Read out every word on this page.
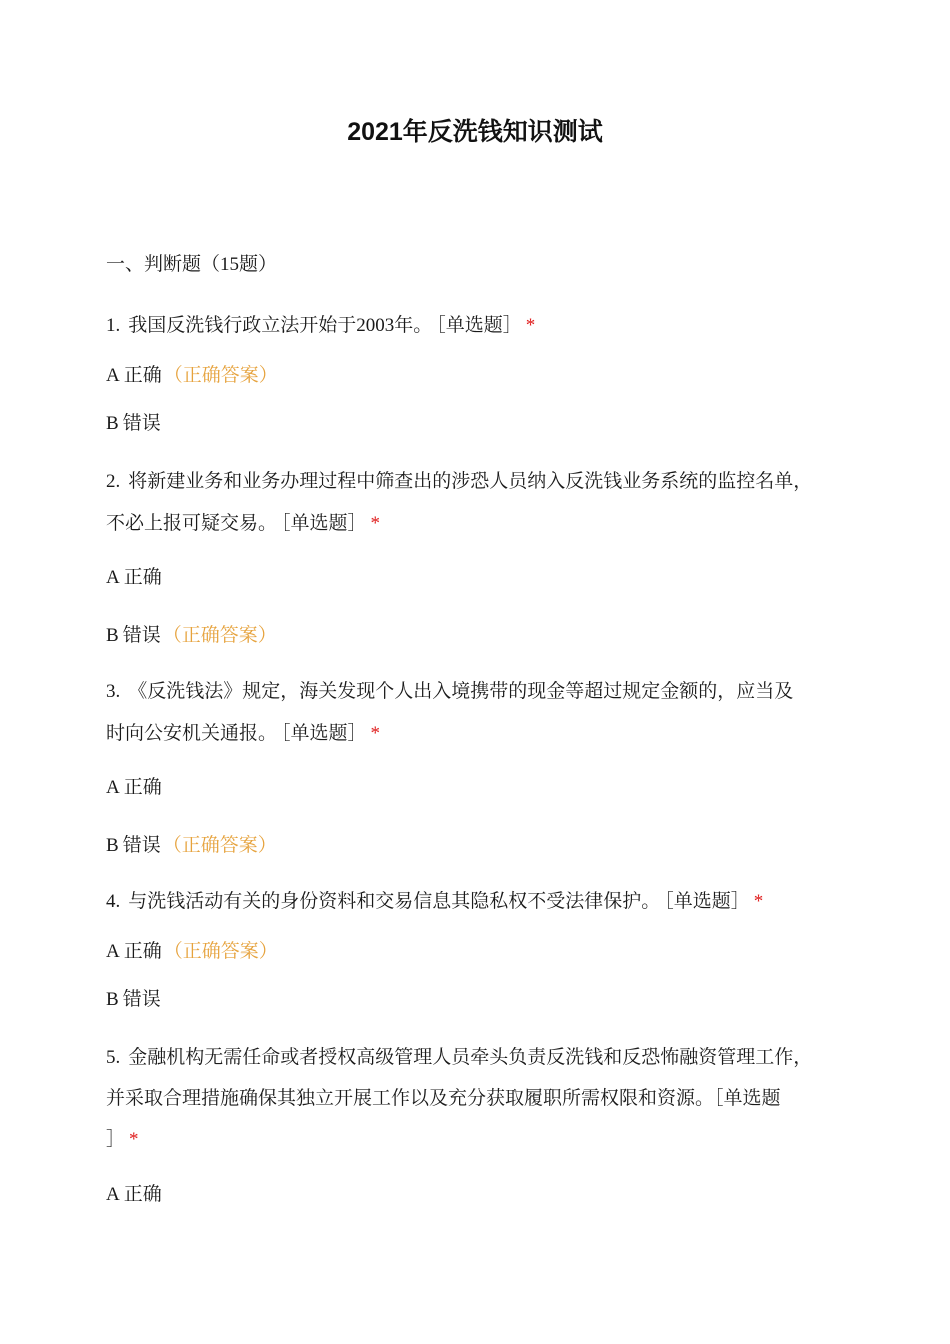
2021年反洗钱知识测试
一、判断题（15题）
1. 我国反洗钱行政立法开始于2003年。 ［单选题］ *
A 正确 （正确答案）
B 错误
2. 将新建业务和业务办理过程中筛查出的涉恐人员纳入反洗钱业务系统的监控名单，
不必上报可疑交易。 ［单选题］ *
A 正确
B 错误 （正确答案）
3. 《反洗钱法》规定，海关发现个人出入境携带的现金等超过规定金额的，应当及
时向公安机关通报。 ［单选题］ *
A 正确
B 错误 （正确答案）
4. 与洗钱活动有关的身份资料和交易信息其隐私权不受法律保护。 ［单选题］ *
A 正确 （正确答案）
B 错误
5. 金融机构无需任命或者授权高级管理人员牵头负责反洗钱和反恐怖融资管理工作，
并采取合理措施确保其独立开展工作以及充分获取履职所需权限和资源。［单选题
］ *
A 正确
